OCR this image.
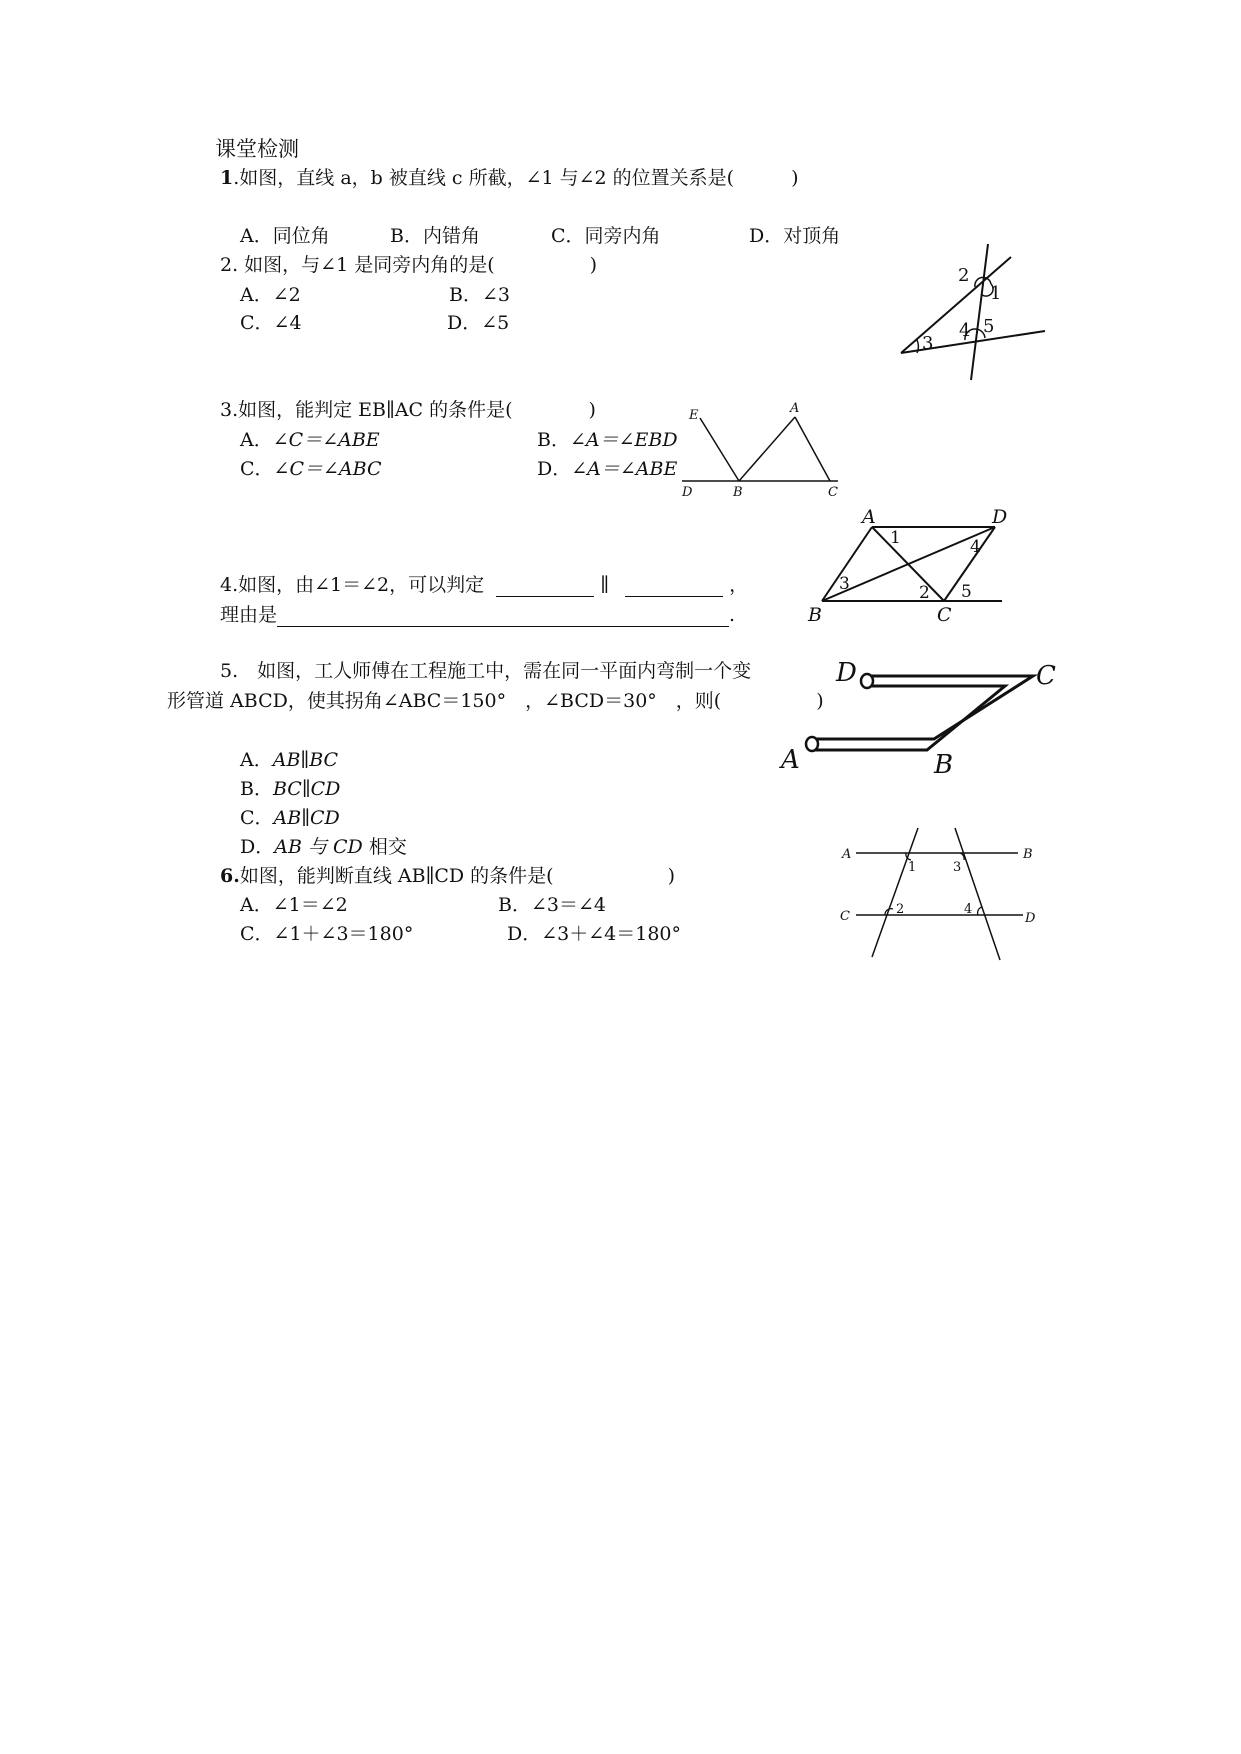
课堂检测
1.如图，直线 a，b 被直线 c 所截，∠1 与∠2 的位置关系是(　　　)
A．同位角	B．内错角	C．同旁内角	D．对顶角
2. 如图，与∠1 是同旁内角的是(　　　　　)
A．∠2	B．∠3
C．∠4	D．∠5
2
1
4 5
3
3.如图，能判定 EB∥AC 的条件是(　　　　)
A．∠C＝∠ABE	B．∠A＝∠EBD
C．∠C＝∠ABC	D．∠A＝∠ABE
E	A
D	B	C
4.如图，由∠1＝∠2，可以判定	∥	，
理由是	.
A	D
1	4
3	2 5
B	C
5.　如图，工人师傅在工程施工中，需在同一平面内弯制一个变
形管道 ABCD，使其拐角∠ABC＝150°　，∠BCD＝30°　，则(　　　　　)
A．AB∥BC
B．BC∥CD
C．AB∥CD
D．AB 与 CD 相交
D	C
A	B
6.如图，能判断直线 AB∥CD 的条件是(　　　　　　)
A．∠1＝∠2	B．∠3＝∠4
C．∠1＋∠3＝180°	D．∠3＋∠4＝180°
A	B
1	3
C	D
2	4
